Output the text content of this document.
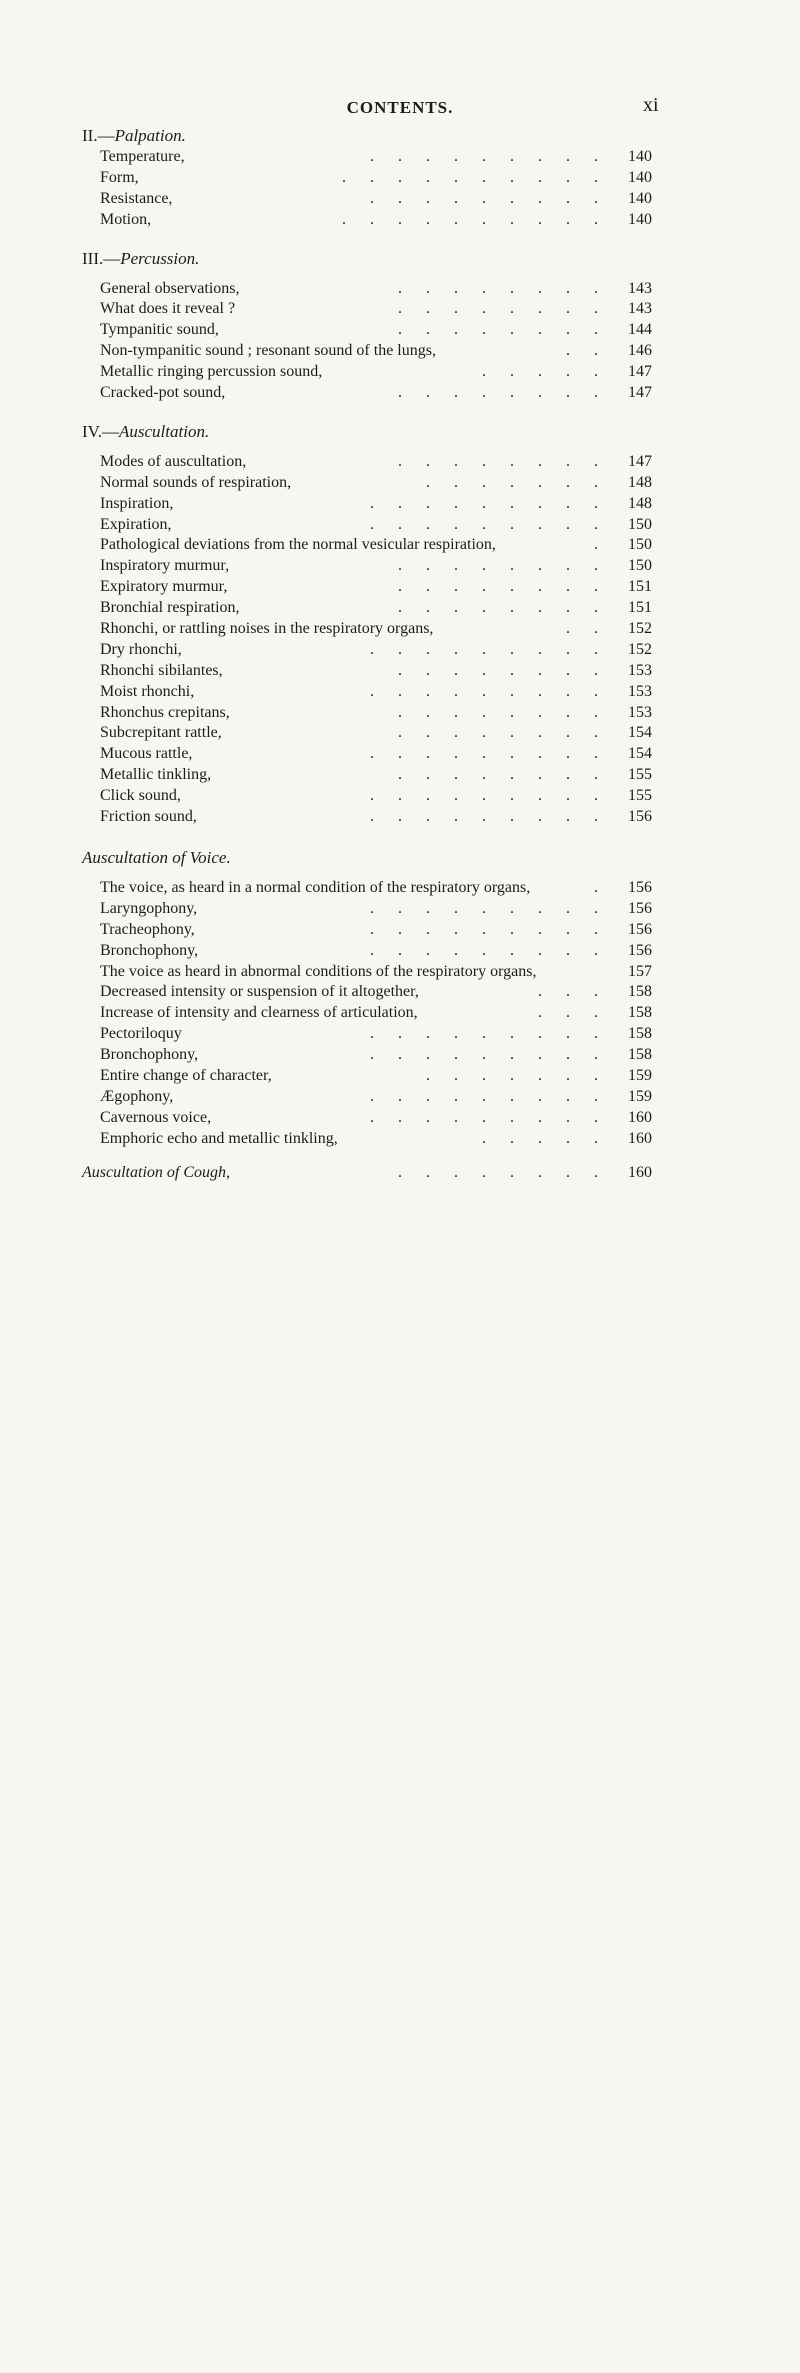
CONTENTS.	xi
II.—Palpation.
Temperature,	. . . . . . . . .	140
Form,	. . . . . . . . . .	140
Resistance,	. . . . . . . . .	140
Motion,	. . . . . . . . . .	140
III.—Percussion.
General observations,	. . . . . . . .	143
What does it reveal ?	. . . . . . . .	143
Tympanitic sound,	. . . . . . . .	144
Non-tympanitic sound ; resonant sound of the lungs,	. .	146
Metallic ringing percussion sound,	. . . . .	147
Cracked-pot sound,	. . . . . . . .	147
IV.—Auscultation.
Modes of auscultation,	. . . . . . . .	147
Normal sounds of respiration,	. . . . . . .	148
Inspiration,	. . . . . . . . .	148
Expiration,	. . . . . . . . .	150
Pathological deviations from the normal vesicular respiration,	.	150
Inspiratory murmur,	. . . . . . . .	150
Expiratory murmur,	. . . . . . . .	151
Bronchial respiration,	. . . . . . . .	151
Rhonchi, or rattling noises in the respiratory organs,	. .	152
Dry rhonchi,	. . . . . . . . .	152
Rhonchi sibilantes,	. . . . . . . .	153
Moist rhonchi,	. . . . . . . . .	153
Rhonchus crepitans,	. . . . . . . .	153
Subcrepitant rattle,	. . . . . . . .	154
Mucous rattle,	. . . . . . . . .	154
Metallic tinkling,	. . . . . . . .	155
Click sound,	. . . . . . . . .	155
Friction sound,	. . . . . . . . .	156
Auscultation of Voice.
The voice, as heard in a normal condition of the respiratory organs,	.	156
Laryngophony,	. . . . . . . . .	156
Tracheophony,	. . . . . . . . .	156
Bronchophony,	. . . . . . . . .	156
The voice as heard in abnormal conditions of the respiratory organs,	157
Decreased intensity or suspension of it altogether,	. . .	158
Increase of intensity and clearness of articulation,	. . .	158
Pectoriloquy	. . . . . . . . .	158
Bronchophony,	. . . . . . . . .	158
Entire change of character,	. . . . . . .	159
Ægophony,	. . . . . . . . .	159
Cavernous voice,	. . . . . . . . .	160
Emphoric echo and metallic tinkling,	. . . . .	160
Auscultation of Cough,	. . . . . . . .	160
